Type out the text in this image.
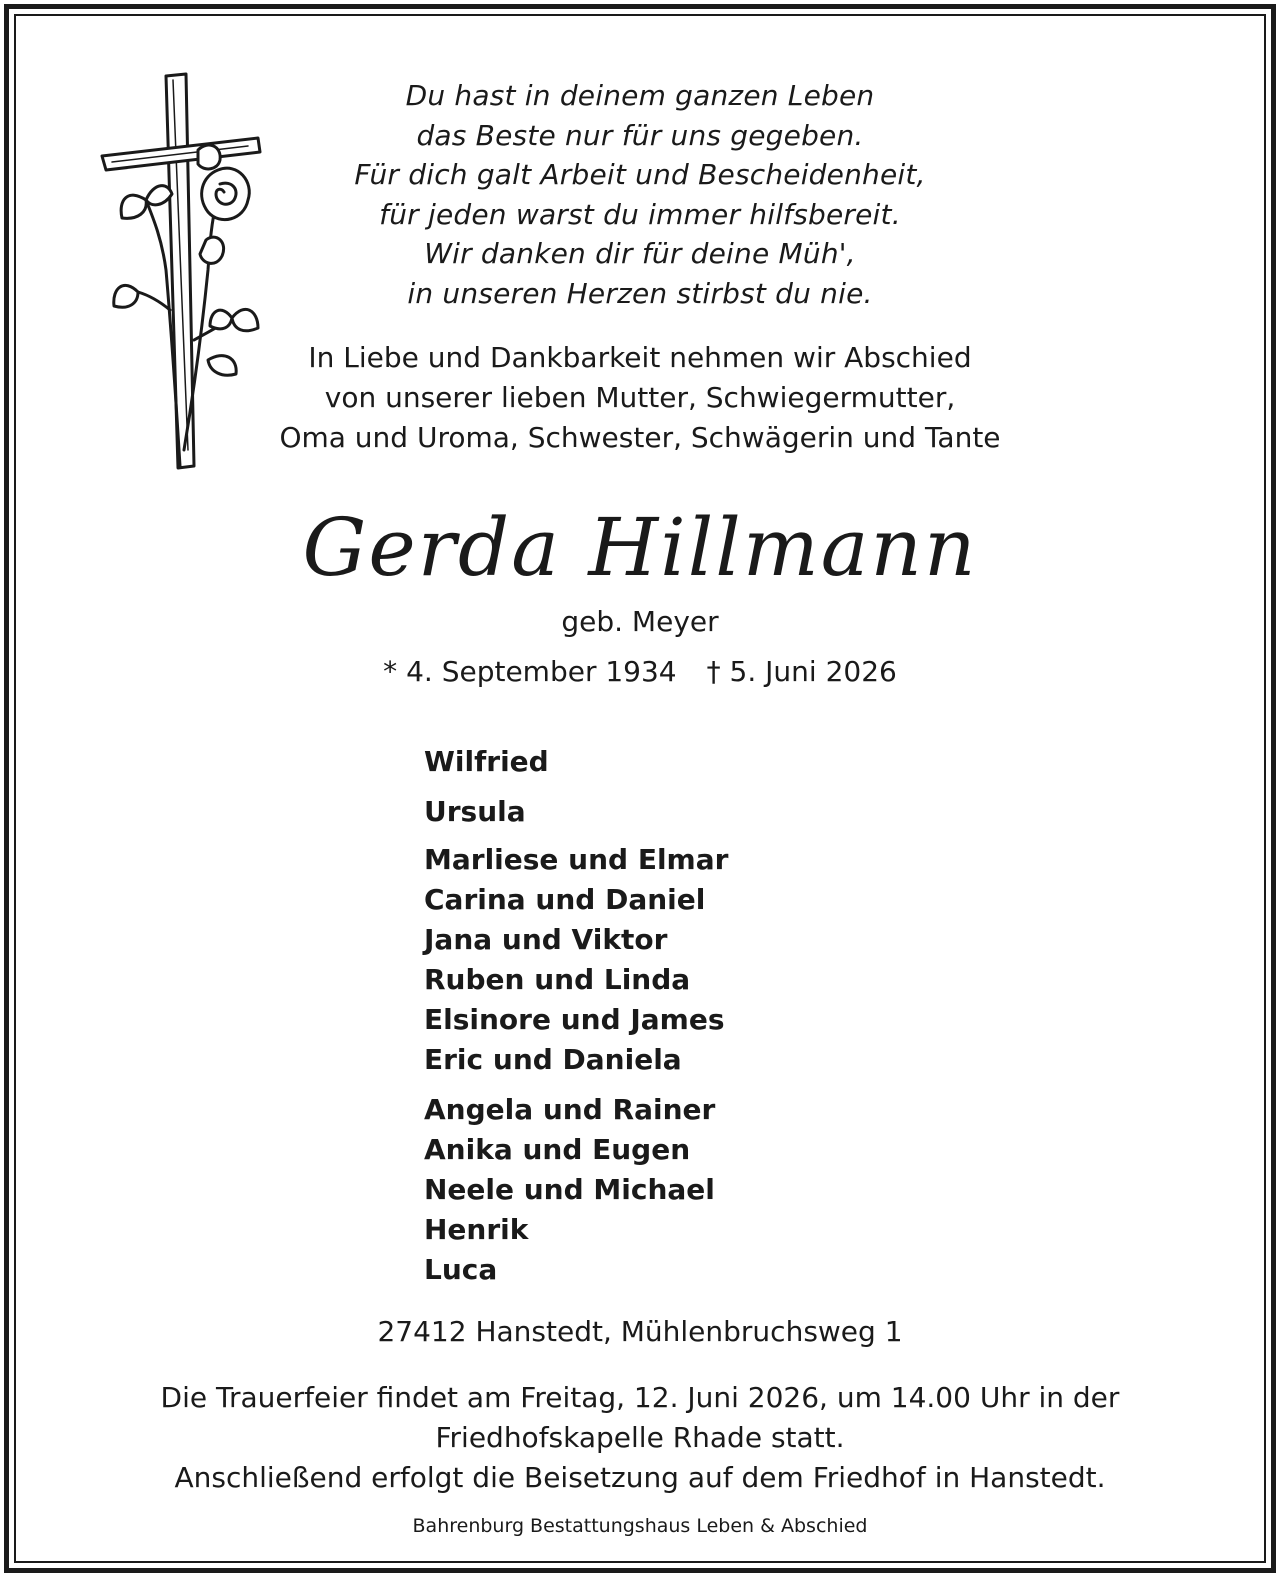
Du hast in deinem ganzen Leben
das Beste nur für uns gegeben.
Für dich galt Arbeit und Bescheidenheit,
für jeden warst du immer hilfsbereit.
Wir danken dir für deine Müh',
in unseren Herzen stirbst du nie.
In Liebe und Dankbarkeit nehmen wir Abschied
von unserer lieben Mutter, Schwiegermutter,
Oma und Uroma, Schwester, Schwägerin und Tante
Gerda Hillmann
geb. Meyer
* 4. September 1934 † 5. Juni 2026
Wilfried
Ursula
Marliese und Elmar
Carina und Daniel
Jana und Viktor
Ruben und Linda
Elsinore und James
Eric und Daniela
Angela und Rainer
Anika und Eugen
Neele und Michael
Henrik
Luca
27412 Hanstedt, Mühlenbruchsweg 1
Die Trauerfeier findet am Freitag, 12. Juni 2026, um 14.00 Uhr in der
Friedhofskapelle Rhade statt.
Anschließend erfolgt die Beisetzung auf dem Friedhof in Hanstedt.
Bahrenburg Bestattungshaus Leben & Abschied
